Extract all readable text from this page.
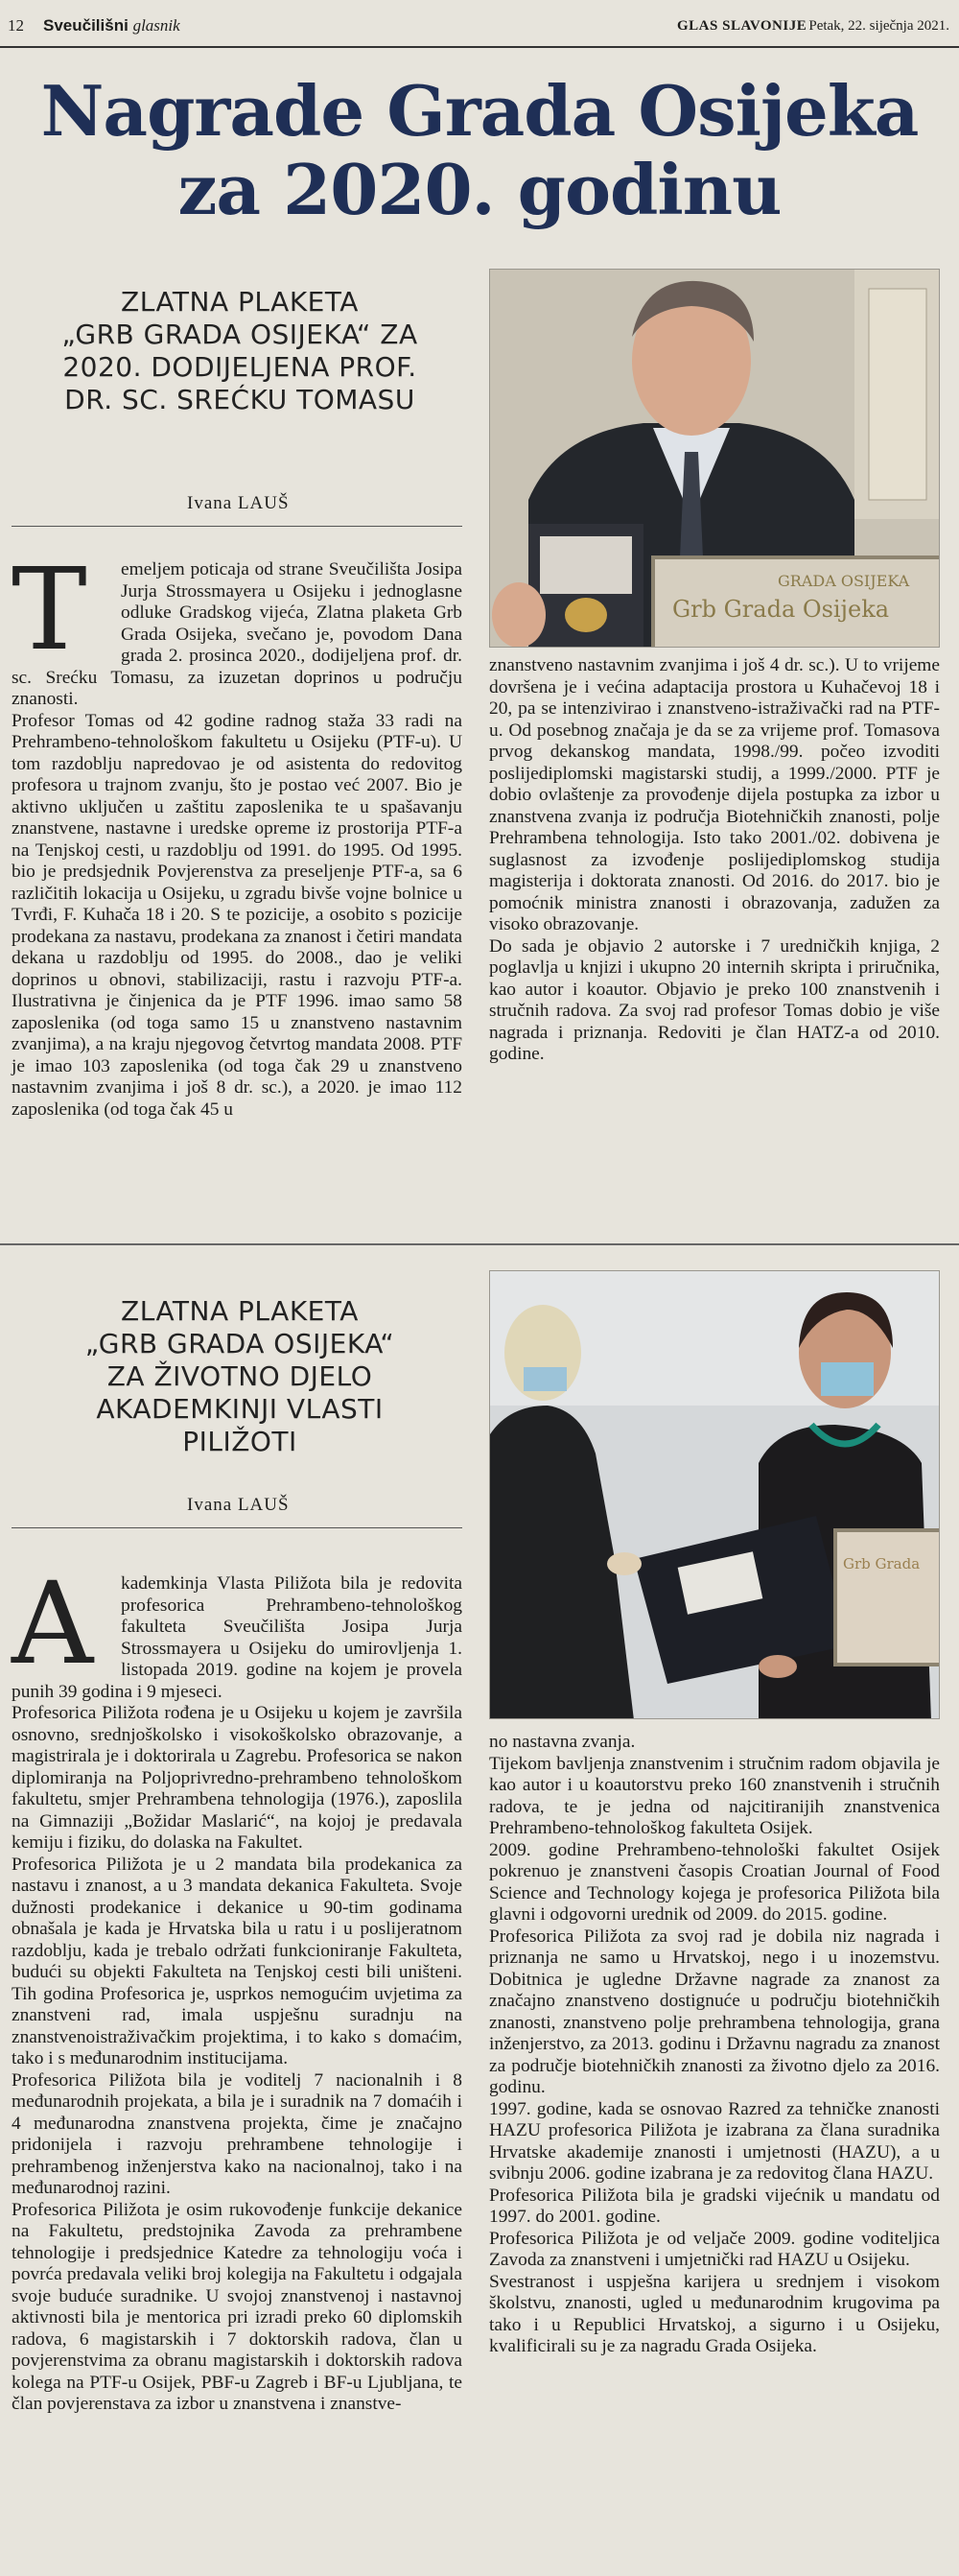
12 Sveučilišni glasnik	GLAS SLAVONIJE Petak, 22. siječnja 2021.
Nagrade Grada Osijeka
za 2020. godinu
ZLATNA PLAKETA
„GRB GRADA OSIJEKA“ ZA
2020. DODIJELJENA PROF.
DR. SC. SREĆKU TOMASU
Ivana LAUŠ
GRADA OSIJEKA
Grb Grada Osijeka
T	emeljem poticaja od strane Sveučilišta Josipa Jurja Strossmayera u Osijeku i jednoglasne odluke Gradskog vijeća, Zlatna plaketa Grb Grada Osijeka, svečano je, povodom Dana grada 2. prosinca 2020., dodijeljena prof. dr. sc. Srećku Tomasu, za izuzetan doprinos u području znanosti.

Profesor Tomas od 42 godine radnog staža 33 radi na Prehrambeno-tehnološkom fakultetu u Osijeku (PTF-u). U tom razdoblju napredovao je od asistenta do redovitog profesora u trajnom zvanju, što je postao već 2007. Bio je aktivno uključen u zaštitu zaposlenika te u spašavanju znanstvene, nastavne i uredske opreme iz prostorija PTF-a na Tenjskoj cesti, u razdoblju od 1991. do 1995. Od 1995. bio je predsjednik Povjerenstva za preseljenje PTF-a, sa 6 različitih lokacija u Osijeku, u zgradu bivše vojne bolnice u Tvrđi, F. Kuhača 18 i 20. S te pozicije, a osobito s pozicije prodekana za nastavu, prodekana za znanost i četiri mandata dekana u razdoblju od 1995. do 2008., dao je veliki doprinos u obnovi, stabilizaciji, rastu i razvoju PTF-a. Ilustrativna je činjenica da je PTF 1996. imao samo 58 zaposlenika (od toga samo 15 u znanstveno nastavnim zvanjima), a na kraju njegovog četvrtog mandata 2008. PTF je imao 103 zaposlenika (od toga čak 29 u znanstveno nastavnim zvanjima i još 8 dr. sc.), a 2020. je imao 112 zaposlenika (od toga čak 45 u

znanstveno nastavnim zvanjima i još 4 dr. sc.). U to vrijeme dovršena je i većina adaptacija prostora u Kuhačevoj 18 i 20, pa se intenzivirao i znanstveno-istraživački rad na PTF-u. Od posebnog značaja je da se za vrijeme prof. Tomasova prvog dekanskog mandata, 1998./99. počeo izvoditi poslijediplomski magistarski studij, a 1999./2000. PTF je dobio ovlaštenje za provođenje dijela postupka za izbor u znanstvena zvanja iz područja Biotehničkih znanosti, polje Prehrambena tehnologija. Isto tako 2001./02. dobivena je suglasnost za izvođenje poslijediplomskog studija magisterija i doktorata znanosti. Od 2016. do 2017. bio je pomoćnik ministra znanosti i obrazovanja, zadužen za visoko obrazovanje.

Do sada je objavio 2 autorske i 7 uredničkih knjiga, 2 poglavlja u knjizi i ukupno 20 internih skripta i priručnika, kao autor i koautor. Objavio je preko 100 znanstvenih i stručnih radova. Za svoj rad profesor Tomas dobio je više nagrada i priznanja. Redoviti je član HATZ-a od 2010. godine.

ZLATNA PLAKETA
„GRB GRADA OSIJEKA“
ZA ŽIVOTNO DJELO
AKADEMKINJI VLASTI
PILIŽOTI
Ivana LAUŠ
Grb Grada
A	kademkinja Vlasta Piližota bila je redovita profesorica Prehrambeno-tehnološkog fakulteta Sveučilišta Josipa Jurja Strossmayera u Osijeku do umirovljenja 1. listopada 2019. godine na kojem je provela punih 39 godina i 9 mjeseci.

Profesorica Piližota rođena je u Osijeku u kojem je završila osnovno, srednjoškolsko i visokoškolsko obrazovanje, a magistrirala je i doktorirala u Zagrebu. Profesorica se nakon diplomiranja na Poljoprivredno-prehrambeno tehnološkom fakultetu, smjer Prehrambena tehnologija (1976.), zaposlila na Gimnaziji „Božidar Maslarić“, na kojoj je predavala kemiju i fiziku, do dolaska na Fakultet.

Profesorica Piližota je u 2 mandata bila prodekanica za nastavu i znanost, a u 3 mandata dekanica Fakulteta. Svoje dužnosti prodekanice i dekanice u 90-tim godinama obnašala je kada je Hrvatska bila u ratu i u poslijeratnom razdoblju, kada je trebalo održati funkcioniranje Fakulteta, budući su objekti Fakulteta na Tenjskoj cesti bili uništeni. Tih godina Profesorica je, usprkos nemogućim uvjetima za znanstveni rad, imala uspješnu suradnju na znanstvenoistraživačkim projektima, i to kako s domaćim, tako i s međunarodnim institucijama.

Profesorica Piližota bila je voditelj 7 nacionalnih i 8 međunarodnih projekata, a bila je i suradnik na 7 domaćih i 4 međunarodna znanstvena projekta, čime je značajno pridonijela i razvoju prehrambene tehnologije i prehrambenog inženjerstva kako na nacionalnoj, tako i na međunarodnoj razini.

Profesorica Piližota je osim rukovođenje funkcije dekanice na Fakultetu, predstojnika Zavoda za prehrambene tehnologije i predsjednice Katedre za tehnologiju voća i povrća predavala veliki broj kolegija na Fakultetu i odgajala svoje buduće suradnike. U svojoj znanstvenoj i nastavnoj aktivnosti bila je mentorica pri izradi preko 60 diplomskih radova, 6 magistarskih i 7 doktorskih radova, član u povjerenstvima za obranu magistarskih i doktorskih radova kolega na PTF-u Osijek, PBF-u Zagreb i BF-u Ljubljana, te član povjerenstava za izbor u znanstvena i znanstve-

no nastavna zvanja.

Tijekom bavljenja znanstvenim i stručnim radom objavila je kao autor i u koautorstvu preko 160 znanstvenih i stručnih radova, te je jedna od najcitiranijih znanstvenica Prehrambeno-tehnološkog fakulteta Osijek.

2009. godine Prehrambeno-tehnološki fakultet Osijek pokrenuo je znanstveni časopis Croatian Journal of Food Science and Technology kojega je profesorica Piližota bila glavni i odgovorni urednik od 2009. do 2015. godine.

Profesorica Piližota za svoj rad je dobila niz nagrada i priznanja ne samo u Hrvatskoj, nego i u inozemstvu. Dobitnica je ugledne Državne nagrade za znanost za značajno znanstveno dostignuće u području biotehničkih znanosti, znanstveno polje prehrambena tehnologija, grana inženjerstvo, za 2013. godinu i Državnu nagradu za znanost za područje biotehničkih znanosti za životno djelo za 2016. godinu.

1997. godine, kada se osnovao Razred za tehničke znanosti HAZU profesorica Piližota je izabrana za člana suradnika Hrvatske akademije znanosti i umjetnosti (HAZU), a u svibnju 2006. godine izabrana je za redovitog člana HAZU.

Profesorica Piližota bila je gradski vijećnik u mandatu od 1997. do 2001. godine.

Profesorica Piližota je od veljače 2009. godine voditeljica Zavoda za znanstveni i umjetnički rad HAZU u Osijeku.

Svestranost i uspješna karijera u srednjem i visokom školstvu, znanosti, ugled u međunarodnim krugovima pa tako i u Republici Hrvatskoj, a sigurno i u Osijeku, kvalificirali su je za nagradu Grada Osijeka.
